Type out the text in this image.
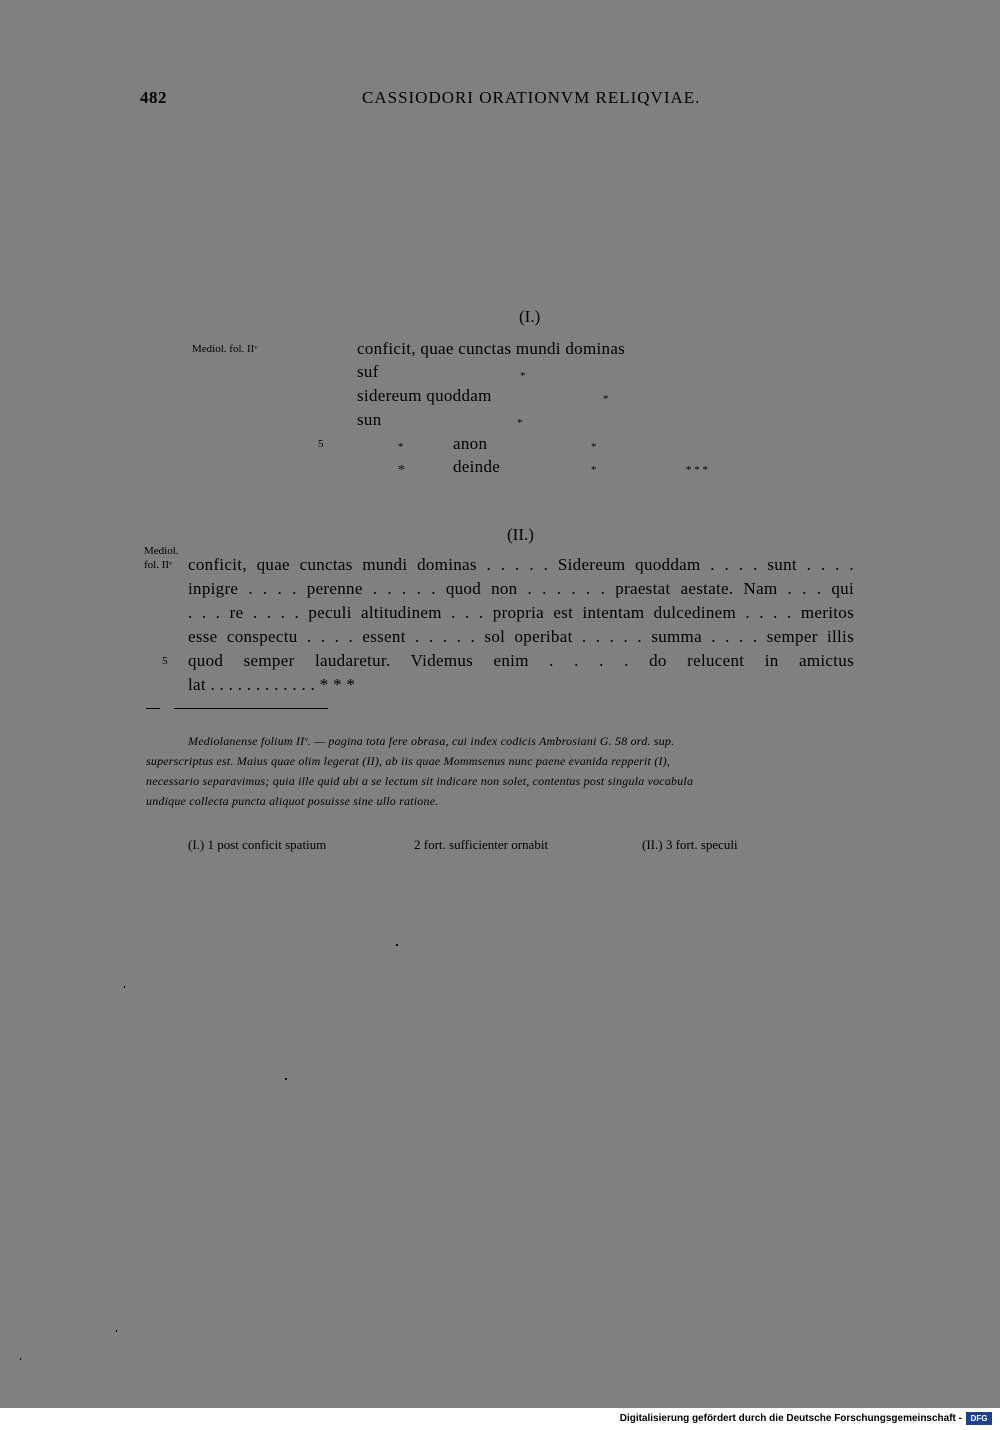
482	CASSIODORI ORATIONVM RELIQVIAE.
(I.)
Mediol. fol. IIᵛ	conficit, quae cunctas mundi dominas
suf	*
sidereum quoddam	*
sun	*
5	*	anon	*
*	deinde	*	* * *
(II.)
Mediol.
fol. IIᵛ conficit, quae cunctas mundi dominas . . . . . Sidereum quoddam . . . . sunt . . . .
inpigre . . . . perenne . . . . . quod non . . . . . . praestat aestate. Nam . . . qui
. . . re . . . . peculi altitudinem . . . propria est intentam dulcedinem . . . . meritos
esse conspectu . . . . essent . . . . . sol operibat . . . . . summa . . . . semper illis
5 quod semper laudaretur. Videmus enim . . . . do relucent in amictus
lat . . . . . . . . . . . . * * *
Mediolanense folium IIᵛ. — pagina tota fere obrasa, cui index codicis Ambrosiani G. 58 ord. sup.
superscriptus est. Maius quae olim legerat (II), ab iis quae Mommsenus nunc paene evanida repperit (I),
necessario separavimus; quia ille quid ubi a se lectum sit indicare non solet, contentus post singula vocabula
undique collecta puncta aliquot posuisse sine ullo ratione.
(I.) 1 post conficit spatium	2 fort. sufficienter ornabit	(II.) 3 fort. speculi
Digitalisierung gefördert durch die Deutsche Forschungsgemeinschaft -	DFG
